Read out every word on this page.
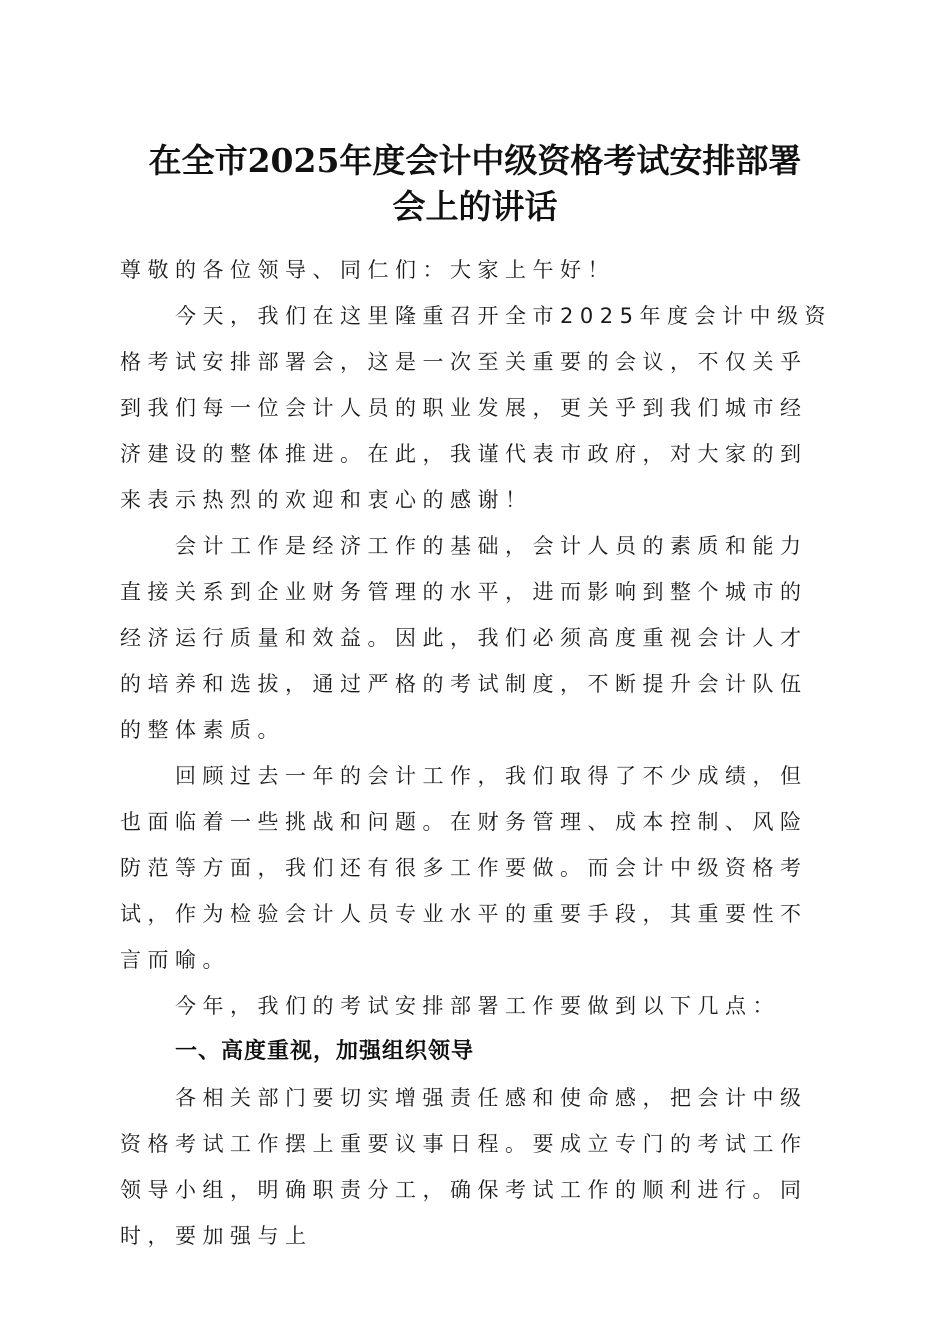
在全市2025年度会计中级资格考试安排部署
会上的讲话

尊敬的各位领导、同仁们：大家上午好！

今天，我们在这里隆重召开全市2025年度会计中级资格考试安排部署会，这是一次至关重要的会议，不仅关乎到我们每一位会计人员的职业发展，更关乎到我们城市经济建设的整体推进。在此，我谨代表市政府，对大家的到来表示热烈的欢迎和衷心的感谢！

会计工作是经济工作的基础，会计人员的素质和能力直接关系到企业财务管理的水平，进而影响到整个城市的经济运行质量和效益。因此，我们必须高度重视会计人才的培养和选拔，通过严格的考试制度，不断提升会计队伍的整体素质。

回顾过去一年的会计工作，我们取得了不少成绩，但也面临着一些挑战和问题。在财务管理、成本控制、风险防范等方面，我们还有很多工作要做。而会计中级资格考试，作为检验会计人员专业水平的重要手段，其重要性不言而喻。

今年，我们的考试安排部署工作要做到以下几点：

一、高度重视，加强组织领导

各相关部门要切实增强责任感和使命感，把会计中级资格考试工作摆上重要议事日程。要成立专门的考试工作领导小组，明确职责分工，确保考试工作的顺利进行。同时，要加强与上
